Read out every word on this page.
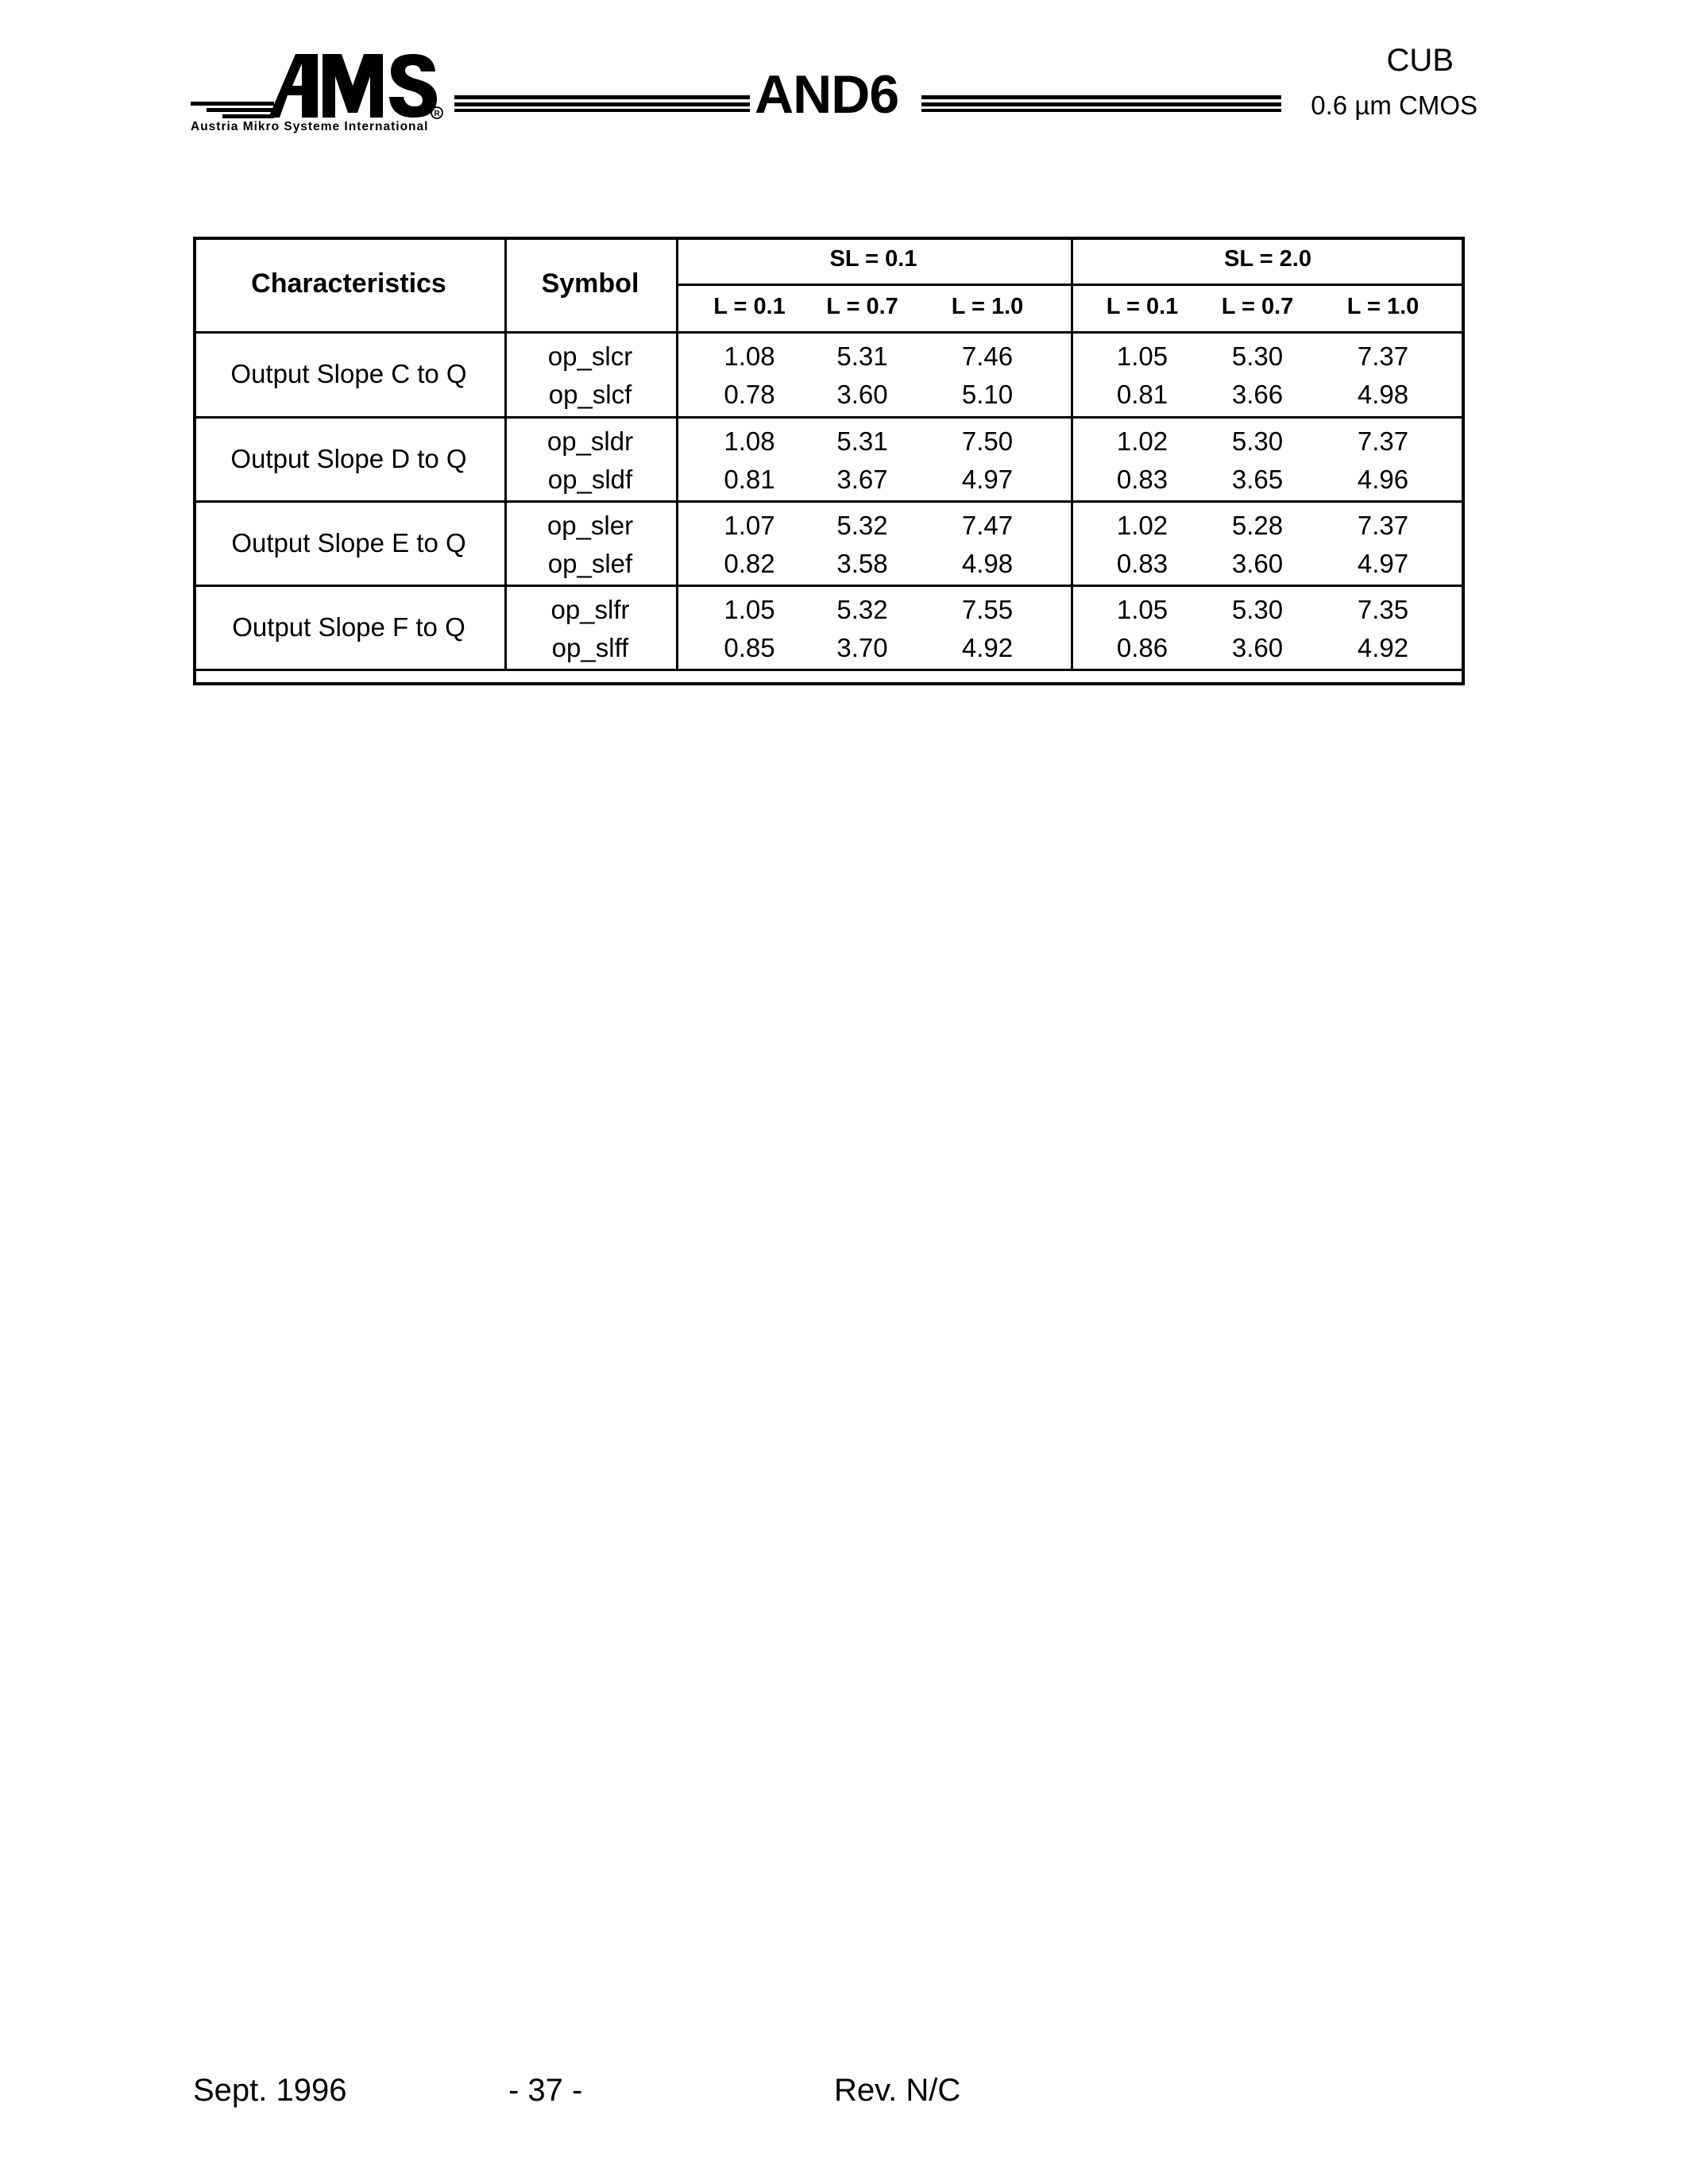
R
Austria Mikro Systeme International
AND6
CUB
0.6 µm CMOS
Characteristics	Symbol
SL = 0.1	SL = 2.0
L = 0.1	L = 0.7	L = 1.0	L = 0.1	L = 0.7	L = 1.0
Output Slope C to Q
op_slcr	1.08	5.31	7.46	1.05	5.30	7.37
op_slcf	0.78	3.60	5.10	0.81	3.66	4.98
Output Slope D to Q
op_sldr	1.08	5.31	7.50	1.02	5.30	7.37
op_sldf	0.81	3.67	4.97	0.83	3.65	4.96
Output Slope E to Q
op_sler	1.07	5.32	7.47	1.02	5.28	7.37
op_slef	0.82	3.58	4.98	0.83	3.60	4.97
Output Slope F to Q
op_slfr	1.05	5.32	7.55	1.05	5.30	7.35
op_slff	0.85	3.70	4.92	0.86	3.60	4.92
Sept. 1996	- 37 -	Rev. N/C
